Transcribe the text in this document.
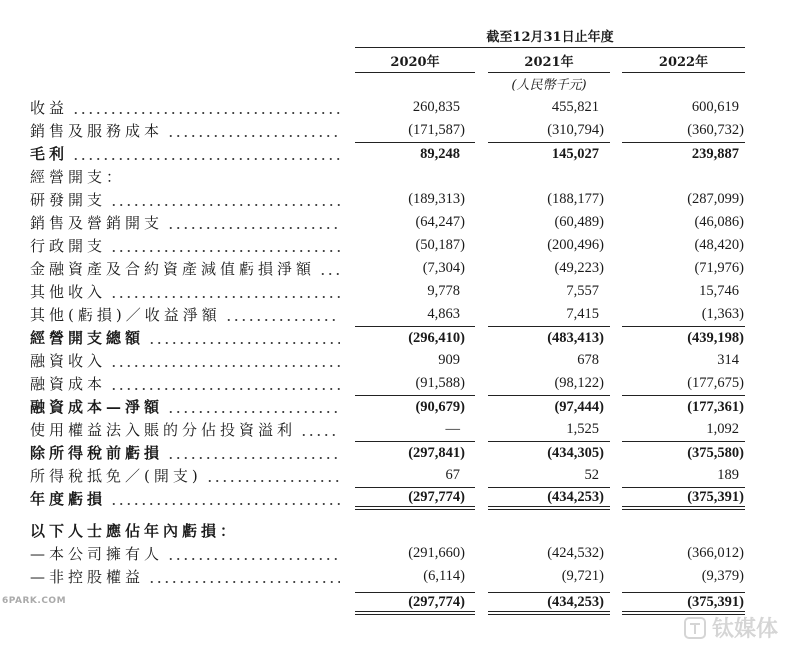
截至12月31日止年度
2020年	2021年	2022年
(人民幣千元)
收益	260,835	455,821	600,619
銷售及服務成本	(171,587)	(310,794)	(360,732)
毛利	89,248	145,027	239,887
經營開支：
研發開支	(189,313)	(188,177)	(287,099)
銷售及營銷開支	(64,247)	(60,489)	(46,086)
行政開支	(50,187)	(200,496)	(48,420)
金融資產及合約資產減值虧損淨額	(7,304)	(49,223)	(71,976)
其他收入	9,778	7,557	15,746
其他(虧損)／收益淨額	4,863	7,415	(1,363)
經營開支總額	(296,410)	(483,413)	(439,198)
融資收入	909	678	314
融資成本	(91,588)	(98,122)	(177,675)
融資成本—淨額	(90,679)	(97,444)	(177,361)
使用權益法入賬的分佔投資溢利	—	1,525	1,092
除所得稅前虧損	(297,841)	(434,305)	(375,580)
所得稅抵免／(開支)	67	52	189
年度虧損	(297,774)	(434,253)	(375,391)
以下人士應佔年內虧損：
—本公司擁有人	(291,660)	(424,532)	(366,012)
—非控股權益	(6,114)	(9,721)	(9,379)
(297,774)	(434,253)	(375,391)
6PARK.COM
钛媒体
